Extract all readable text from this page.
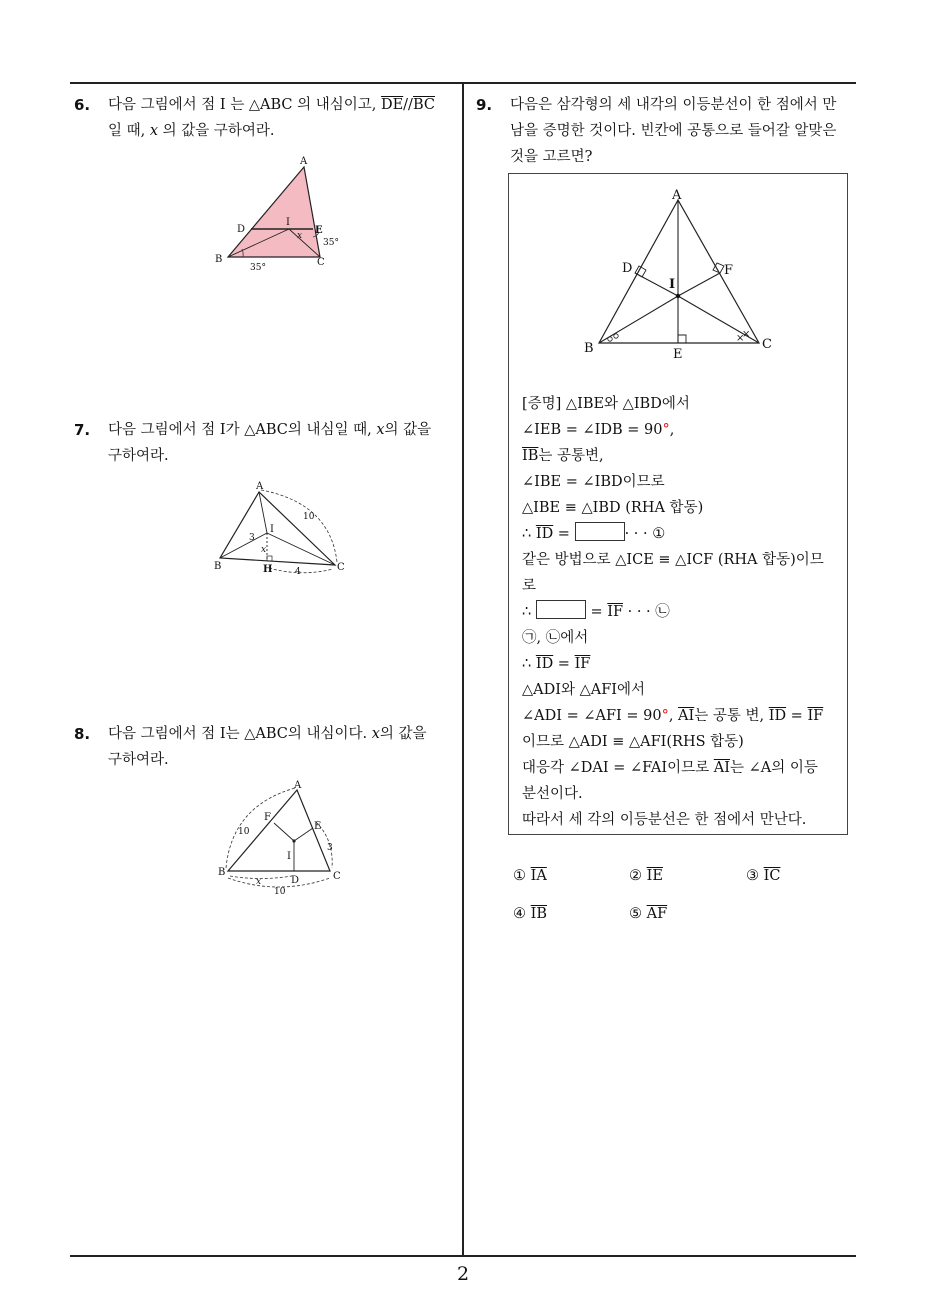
2
6. 다음 그림에서 점 I 는 △ABC 의 내심이고, $\overline{DE}//\overline{BC}$
일 때, x 의 값을 구하여라.
A
B	C
D	E
I
x
35°
35°
7. 다음 그림에서 점 I가 △ABC의 내심일 때, x의 값을
구하여라.
A
B	C
H
I
x
10
3
4
8. 다음 그림에서 점 I는 △ABC의 내심이다. x의 값을
구하여라.
A
B	C
D
E
F
I
x
10
3
10
9. 다음은 삼각형의 세 내각의 이등분선이 한 점에서 만
남을 증명한 것이다. 빈칸에 공통으로 들어갈 알맞은
것을 고르면?
×
×
A
B	C
D
E
F
I
[증명] △IBE와 △IBD에서
∠IEB = ∠IDB = 90°,
$\overline{IB}$는 공통변,
∠IBE = ∠IBD이므로
△IBE ≡ △IBD (RHA 합동)
∴ $\overline{ID}$ =	· · · ①
같은 방법으로 △ICE ≡ △ICF (RHA 합동)이므
로
∴	= $\overline{IF}$ · · · ㉡
㉠, ㉡에서
∴ $\overline{ID} = \overline{IF}$
△ADI와 △AFI에서
∠ADI = ∠AFI = 90°, $\overline{AI}$는 공통 변, $\overline{ID} = \overline{IF}$
이므로 △ADI ≡ △AFI(RHS 합동)
대응각 ∠DAI = ∠FAI이므로 $\overline{AI}$는 ∠A의 이등
분선이다.
따라서 세 각의 이등분선은 한 점에서 만난다.
① $\overline{IA}$	② $\overline{IE}$	③ $\overline{IC}$
④ $\overline{IB}$	⑤ $\overline{AF}$
